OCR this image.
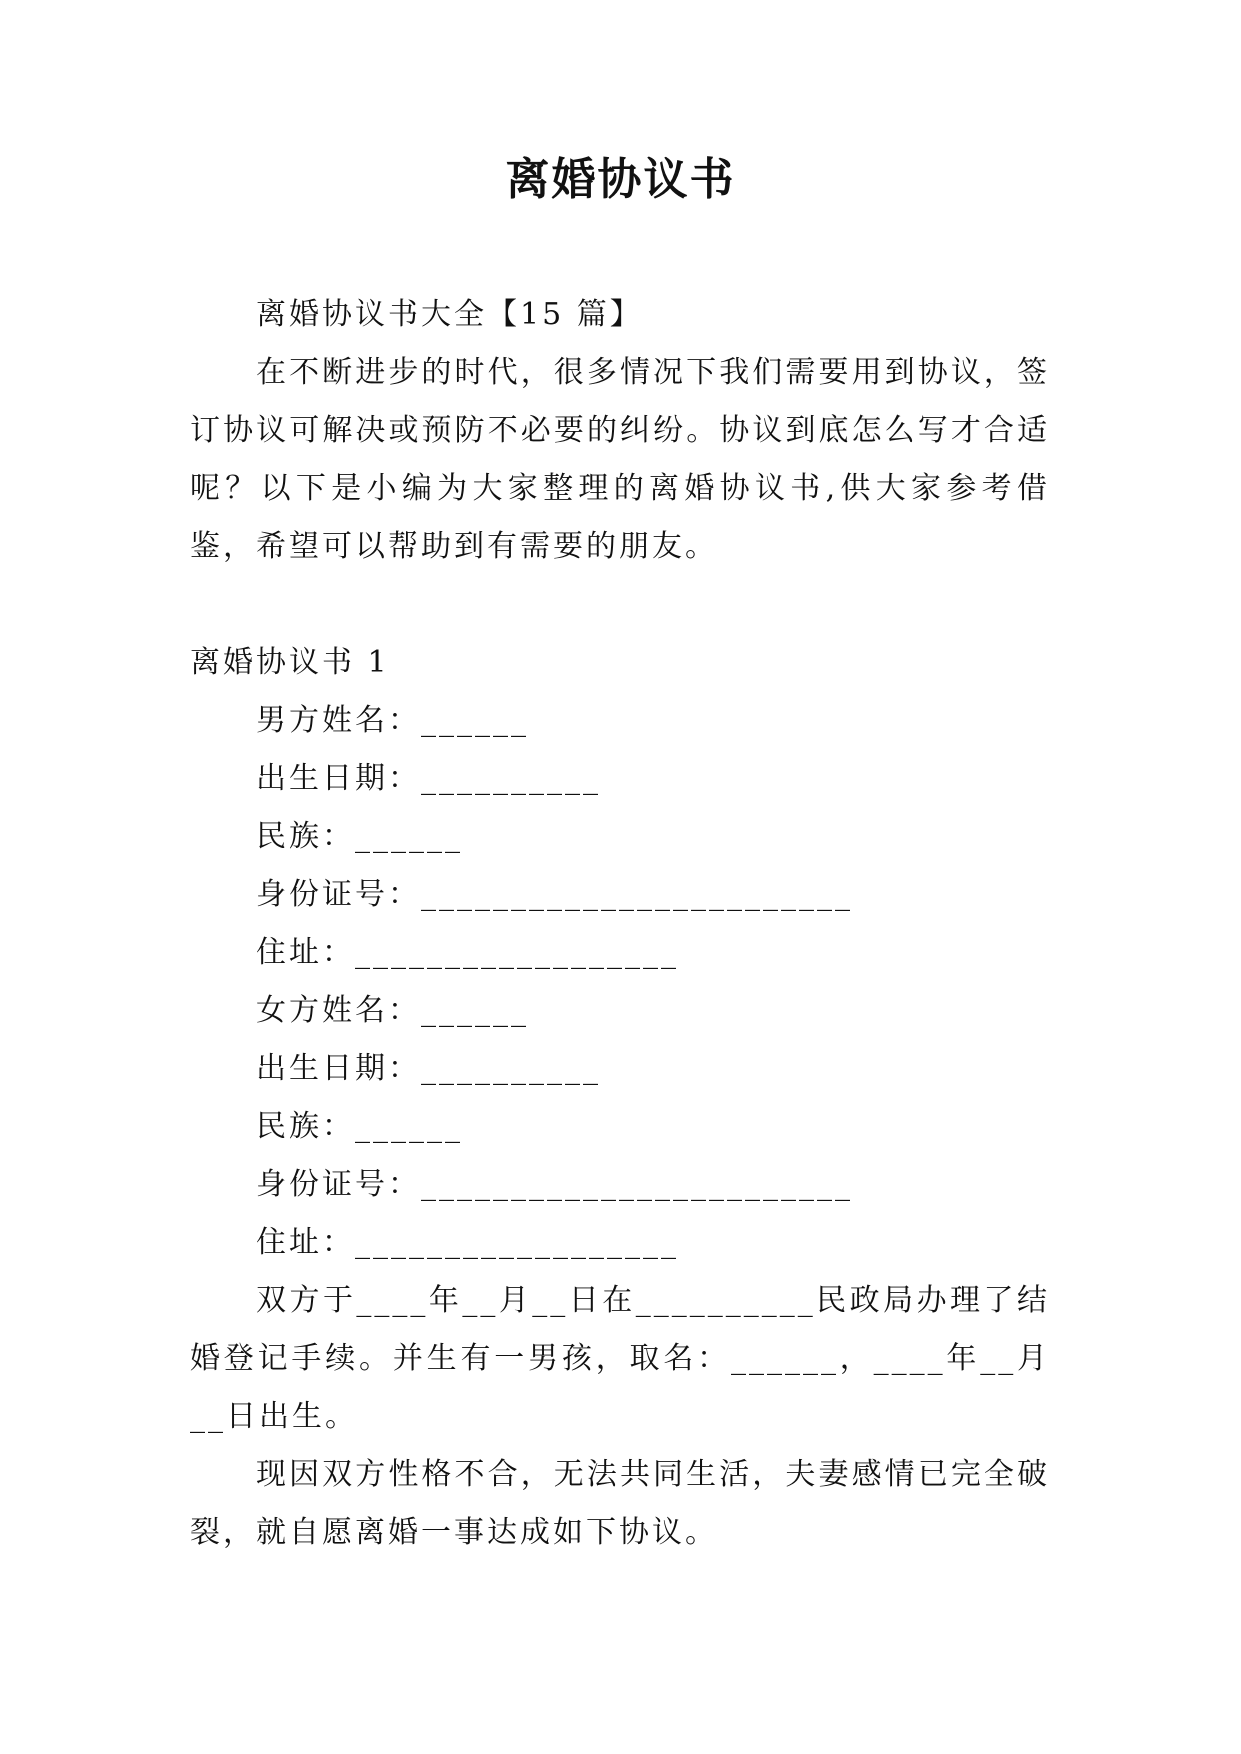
离婚协议书

离婚协议书大全【15 篇】

在不断进步的时代，很多情况下我们需要用到协议，签订协议可解决或预防不必要的纠纷。协议到底怎么写才合适呢？以下是小编为大家整理的离婚协议书,供大家参考借鉴，希望可以帮助到有需要的朋友。

离婚协议书 1

男方姓名：______

出生日期：__________

民族：______

身份证号：________________________

住址：__________________

女方姓名：______

出生日期：__________

民族：______

身份证号：________________________

住址：__________________

双方于____年__月__日在__________民政局办理了结婚登记手续。并生有一男孩，取名：______，____年__月__日出生。

现因双方性格不合，无法共同生活，夫妻感情已完全破裂，就自愿离婚一事达成如下协议。
